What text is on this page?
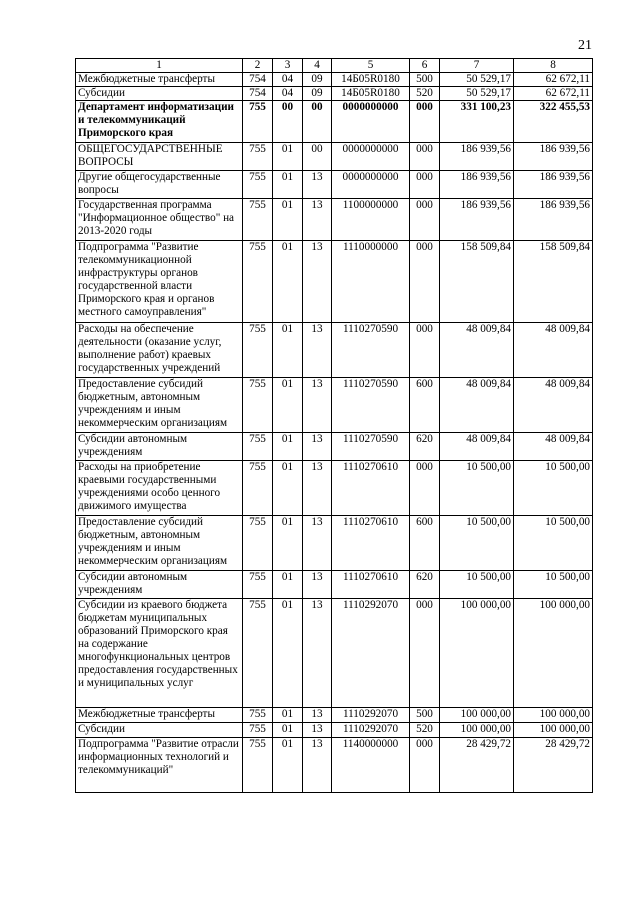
21
1	2	3	4	5	6	7	8
Межбюджетные трансферты	754	04	09	14Б05R0180	500	50 529,17	62 672,11
Субсидии	754	04	09	14Б05R0180	520	50 529,17	62 672,11
Департамент информатизации и телекоммуникаций Приморского края	755	00	00	0000000000	000	331 100,23	322 455,53
ОБЩЕГОСУДАРСТВЕННЫЕ ВОПРОСЫ	755	01	00	0000000000	000	186 939,56	186 939,56
Другие общегосударственные вопросы	755	01	13	0000000000	000	186 939,56	186 939,56
Государственная программа "Информационное общество" на 2013-2020 годы	755	01	13	1100000000	000	186 939,56	186 939,56
Подпрограмма "Развитие телекоммуникационной инфраструктуры органов государственной власти Приморского края и органов местного самоуправления"	755	01	13	1110000000	000	158 509,84	158 509,84
Расходы на обеспечение деятельности (оказание услуг, выполнение работ) краевых государственных учреждений	755	01	13	1110270590	000	48 009,84	48 009,84
Предоставление субсидий бюджетным, автономным учреждениям и иным некоммерческим организациям	755	01	13	1110270590	600	48 009,84	48 009,84
Субсидии автономным учреждениям	755	01	13	1110270590	620	48 009,84	48 009,84
Расходы на приобретение краевыми государственными учреждениями особо ценного движимого имущества	755	01	13	1110270610	000	10 500,00	10 500,00
Предоставление субсидий бюджетным, автономным учреждениям и иным некоммерческим организациям	755	01	13	1110270610	600	10 500,00	10 500,00
Субсидии автономным учреждениям	755	01	13	1110270610	620	10 500,00	10 500,00
Субсидии из краевого бюджета бюджетам муниципальных образований Приморского края на содержание многофункциональных центров предоставления государственных и муниципальных услуг	755	01	13	1110292070	000	100 000,00	100 000,00
Межбюджетные трансферты	755	01	13	1110292070	500	100 000,00	100 000,00
Субсидии	755	01	13	1110292070	520	100 000,00	100 000,00
Подпрограмма "Развитие отрасли информационных технологий и телекоммуникаций"	755	01	13	1140000000	000	28 429,72	28 429,72
